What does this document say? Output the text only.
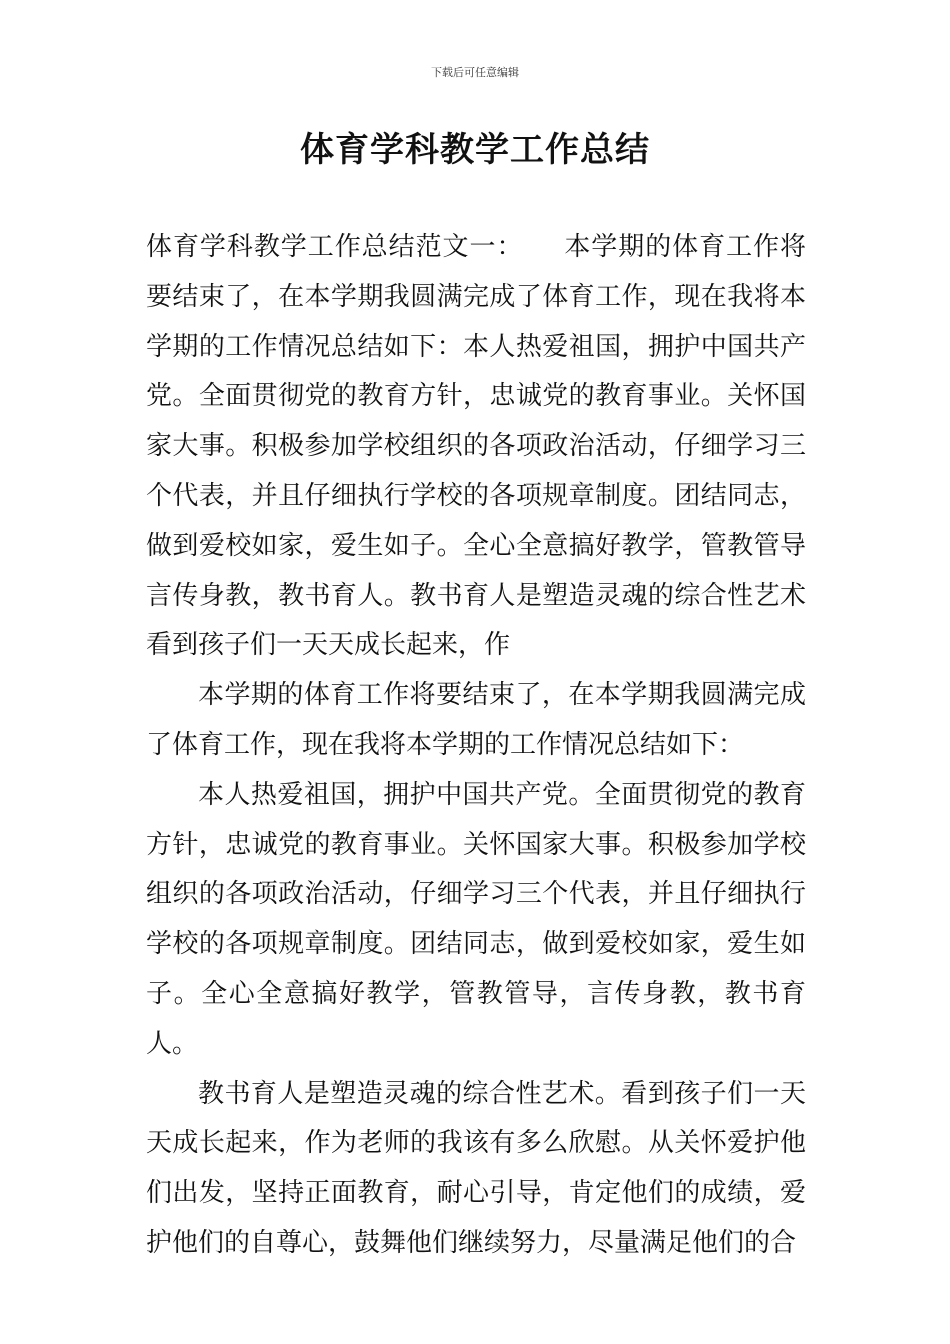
下载后可任意编辑
体育学科教学工作总结

体育学科教学工作总结范文一：　　本学期的体育工作将要结束了，在本学期我圆满完成了体育工作，现在我将本学期的工作情况总结如下：本人热爱祖国，拥护中国共产党。全面贯彻党的教育方针，忠诚党的教育事业。关怀国家大事。积极参加学校组织的各项政治活动，仔细学习三个代表，并且仔细执行学校的各项规章制度。团结同志，做到爱校如家，爱生如子。全心全意搞好教学，管教管导言传身教，教书育人。教书育人是塑造灵魂的综合性艺术看到孩子们一天天成长起来，作

本学期的体育工作将要结束了，在本学期我圆满完成了体育工作，现在我将本学期的工作情况总结如下：

本人热爱祖国，拥护中国共产党。全面贯彻党的教育方针，忠诚党的教育事业。关怀国家大事。积极参加学校组织的各项政治活动，仔细学习三个代表，并且仔细执行学校的各项规章制度。团结同志，做到爱校如家，爱生如子。全心全意搞好教学，管教管导，言传身教，教书育人。

教书育人是塑造灵魂的综合性艺术。看到孩子们一天天成长起来，作为老师的我该有多么欣慰。从关怀爱护他们出发，坚持正面教育，耐心引导，肯定他们的成绩，爱护他们的自尊心，鼓舞他们继续努力，尽量满足他们的合
